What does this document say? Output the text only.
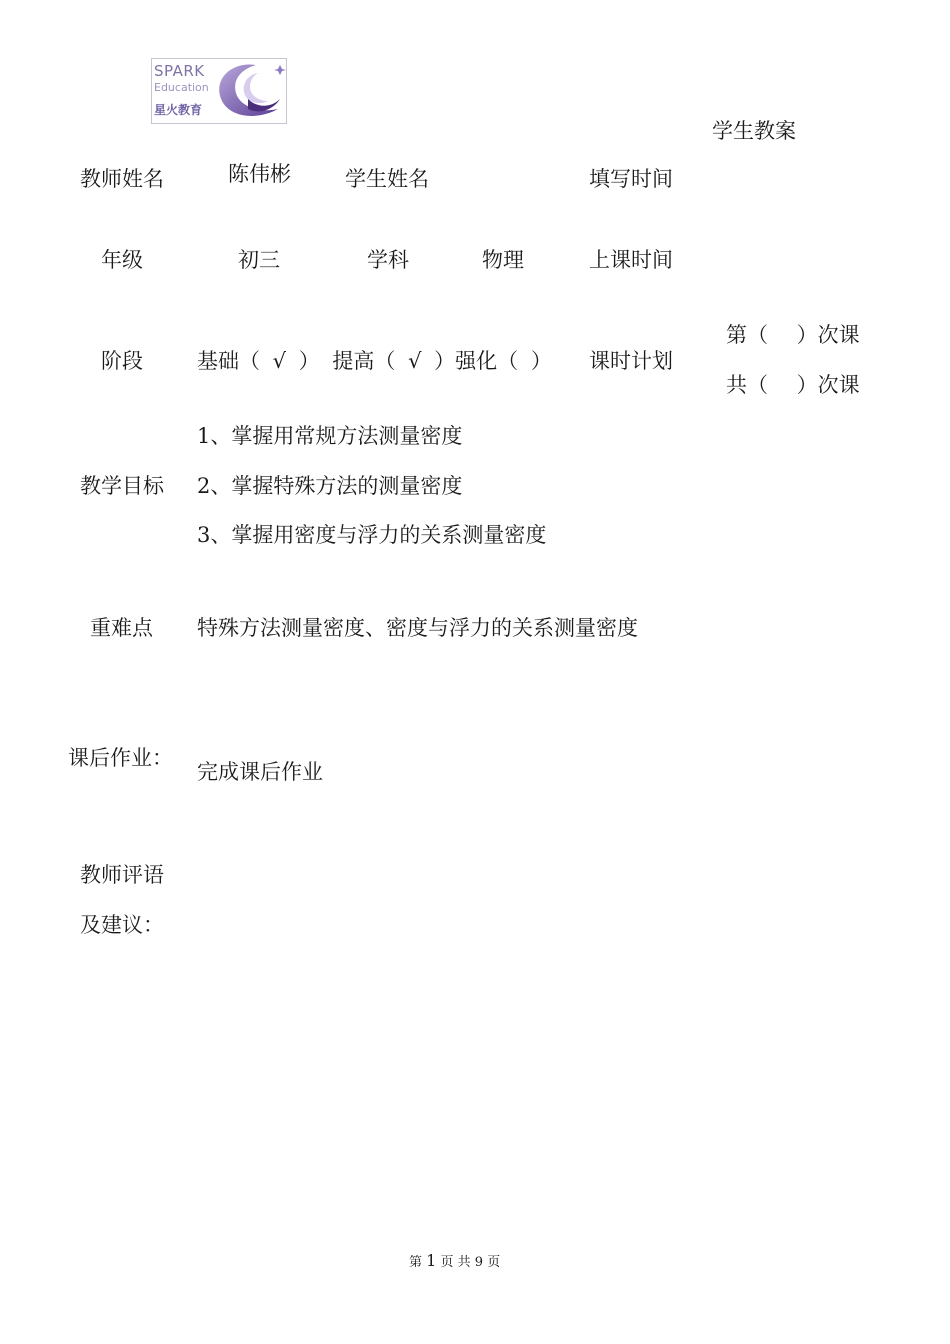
SPARK
Education
星火教育
学生教案
教师姓名	陈伟彬	学生姓名	填写时间
年级	初三	学科	物理	上课时间
阶段	基础（ √ ） 提高（ √ ）强化（ ） 课时计划
第（ ）次课
共（ ）次课
教学目标
1、掌握用常规方法测量密度
2、掌握特殊方法的测量密度
3、掌握用密度与浮力的关系测量密度
重难点 特殊方法测量密度、密度与浮力的关系测量密度
课后作业：
完成课后作业
教师评语
及建议：
第 1 页 共 9 页
